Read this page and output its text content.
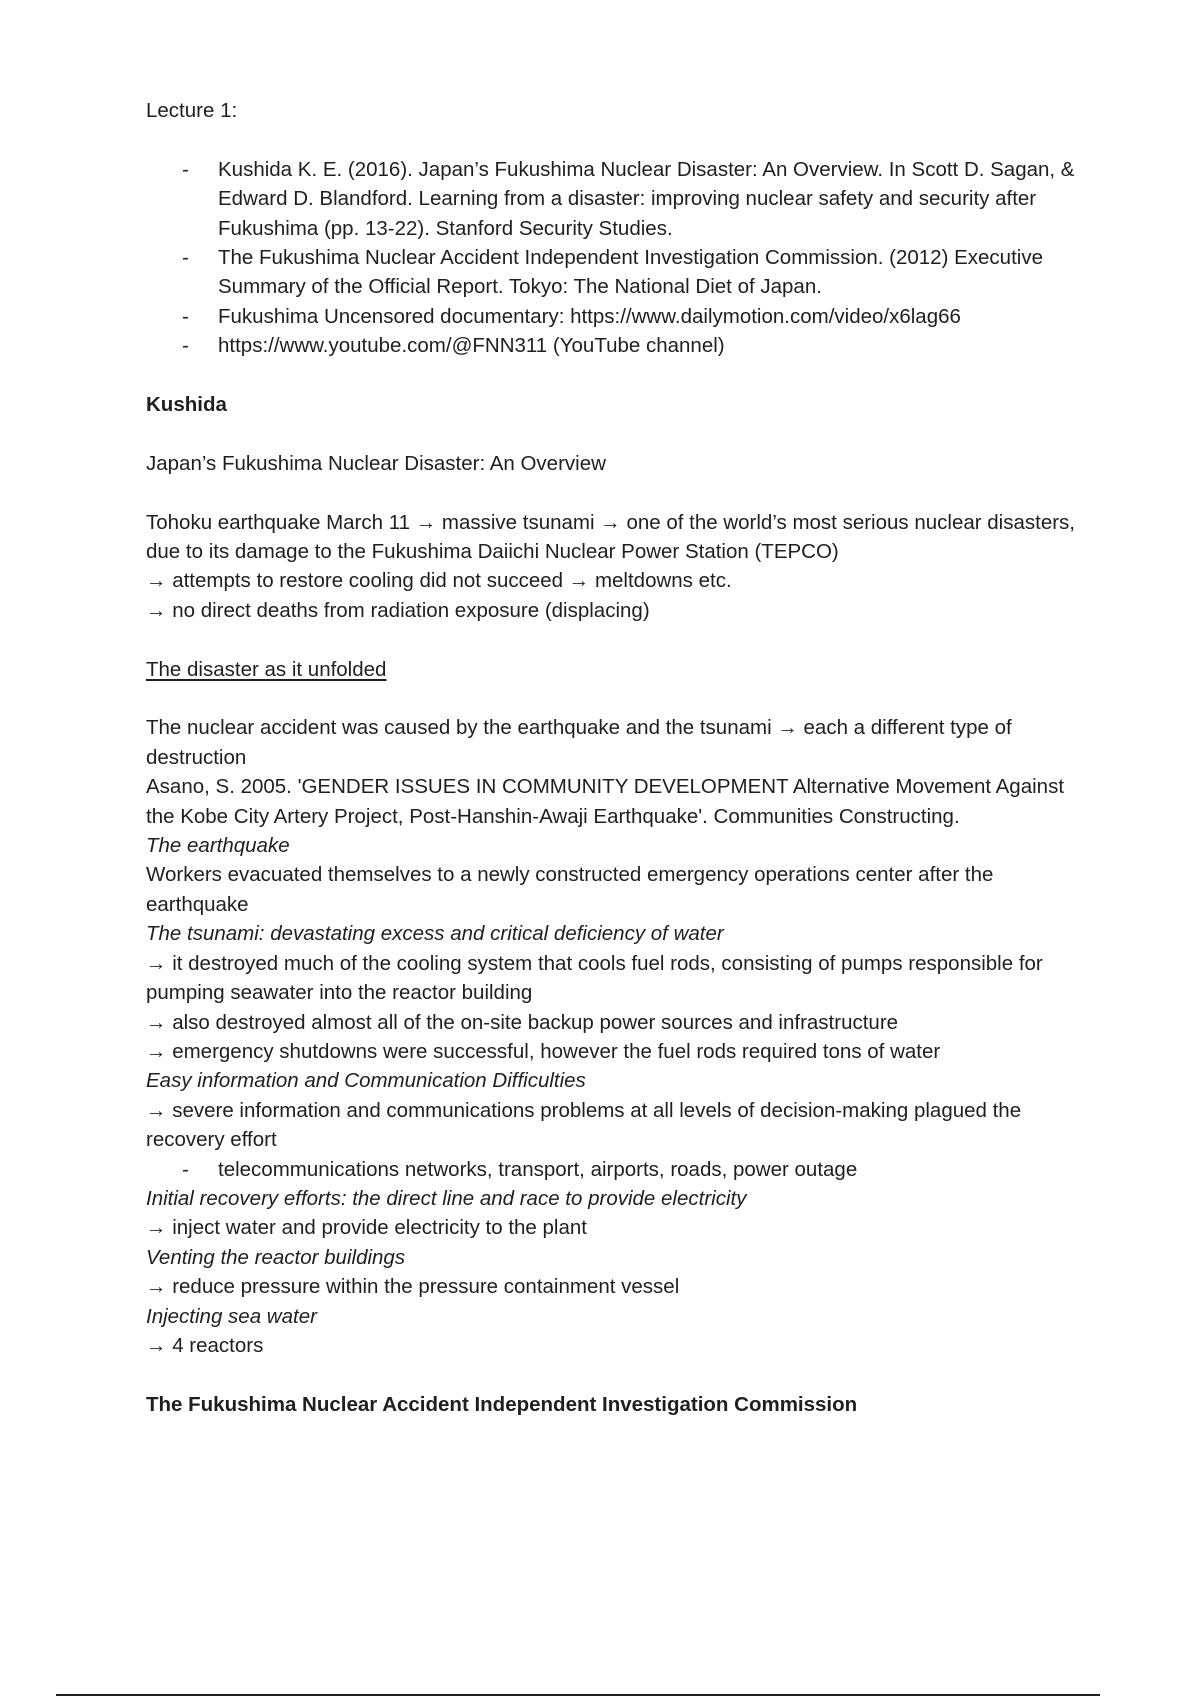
Lecture 1:

- Kushida K. E. (2016). Japan’s Fukushima Nuclear Disaster: An Overview. In Scott D. Sagan, & Edward D. Blandford. Learning from a disaster: improving nuclear safety and security after Fukushima (pp. 13-22). Stanford Security Studies.
- The Fukushima Nuclear Accident Independent Investigation Commission. (2012) Executive Summary of the Official Report. Tokyo: The National Diet of Japan.
- Fukushima Uncensored documentary: https://www.dailymotion.com/video/x6lag66
- https://www.youtube.com/@FNN311 (YouTube channel)

Kushida

Japan’s Fukushima Nuclear Disaster: An Overview

Tohoku earthquake March 11 → massive tsunami → one of the world’s most serious nuclear disasters, due to its damage to the Fukushima Daiichi Nuclear Power Station (TEPCO)

→ attempts to restore cooling did not succeed → meltdowns etc.

→ no direct deaths from radiation exposure (displacing)

The disaster as it unfolded

The nuclear accident was caused by the earthquake and the tsunami → each a different type of destruction

Asano, S. 2005. 'GENDER ISSUES IN COMMUNITY DEVELOPMENT Alternative Movement Against the Kobe City Artery Project, Post-Hanshin-Awaji Earthquake'. Communities Constructing.

The earthquake

Workers evacuated themselves to a newly constructed emergency operations center after the earthquake

The tsunami: devastating excess and critical deficiency of water

→ it destroyed much of the cooling system that cools fuel rods, consisting of pumps responsible for pumping seawater into the reactor building

→ also destroyed almost all of the on-site backup power sources and infrastructure

→ emergency shutdowns were successful, however the fuel rods required tons of water

Easy information and Communication Difficulties

→ severe information and communications problems at all levels of decision-making plagued the recovery effort

- telecommunications networks, transport, airports, roads, power outage

Initial recovery efforts: the direct line and race to provide electricity

→ inject water and provide electricity to the plant

Venting the reactor buildings

→ reduce pressure within the pressure containment vessel

Injecting sea water

→ 4 reactors

The Fukushima Nuclear Accident Independent Investigation Commission
